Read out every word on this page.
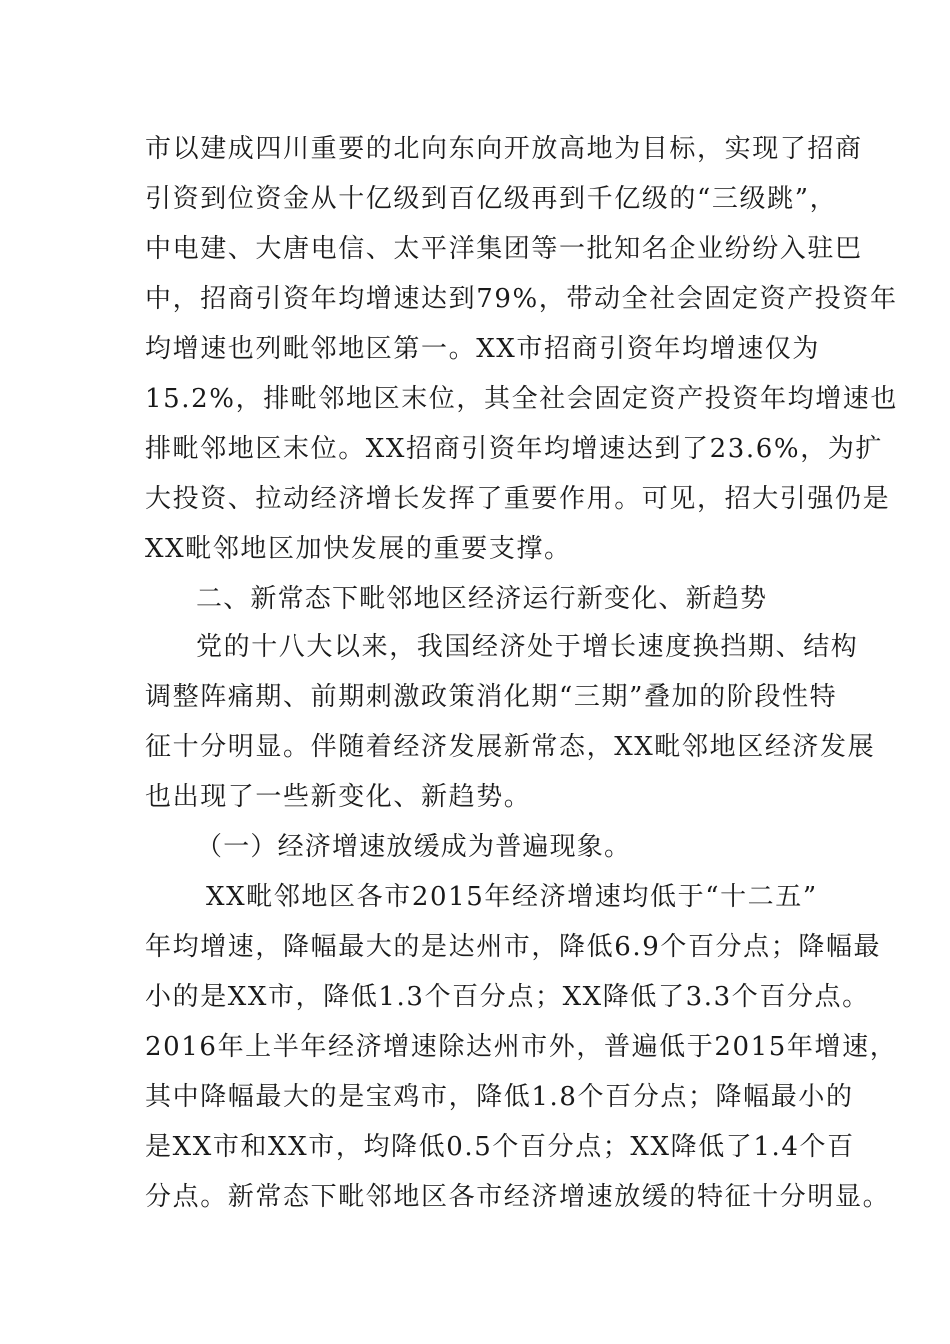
市以建成四川重要的北向东向开放高地为目标，实现了招商
引资到位资金从十亿级到百亿级再到千亿级的“三级跳”，
中电建、大唐电信、太平洋集团等一批知名企业纷纷入驻巴
中，招商引资年均增速达到79%，带动全社会固定资产投资年
均增速也列毗邻地区第一。XX市招商引资年均增速仅为
15.2%，排毗邻地区末位，其全社会固定资产投资年均增速也
排毗邻地区末位。XX招商引资年均增速达到了23.6%，为扩
大投资、拉动经济增长发挥了重要作用。可见，招大引强仍是
XX毗邻地区加快发展的重要支撑。
二、新常态下毗邻地区经济运行新变化、新趋势
党的十八大以来，我国经济处于增长速度换挡期、结构
调整阵痛期、前期刺激政策消化期“三期”叠加的阶段性特
征十分明显。伴随着经济发展新常态，XX毗邻地区经济发展
也出现了一些新变化、新趋势。
（一）经济增速放缓成为普遍现象。
XX毗邻地区各市2015年经济增速均低于“十二五”
年均增速，降幅最大的是达州市，降低6.9个百分点；降幅最
小的是XX市，降低1.3个百分点；XX降低了3.3个百分点。
2016年上半年经济增速除达州市外，普遍低于2015年增速，
其中降幅最大的是宝鸡市，降低1.8个百分点；降幅最小的
是XX市和XX市，均降低0.5个百分点；XX降低了1.4个百
分点。新常态下毗邻地区各市经济增速放缓的特征十分明显。
